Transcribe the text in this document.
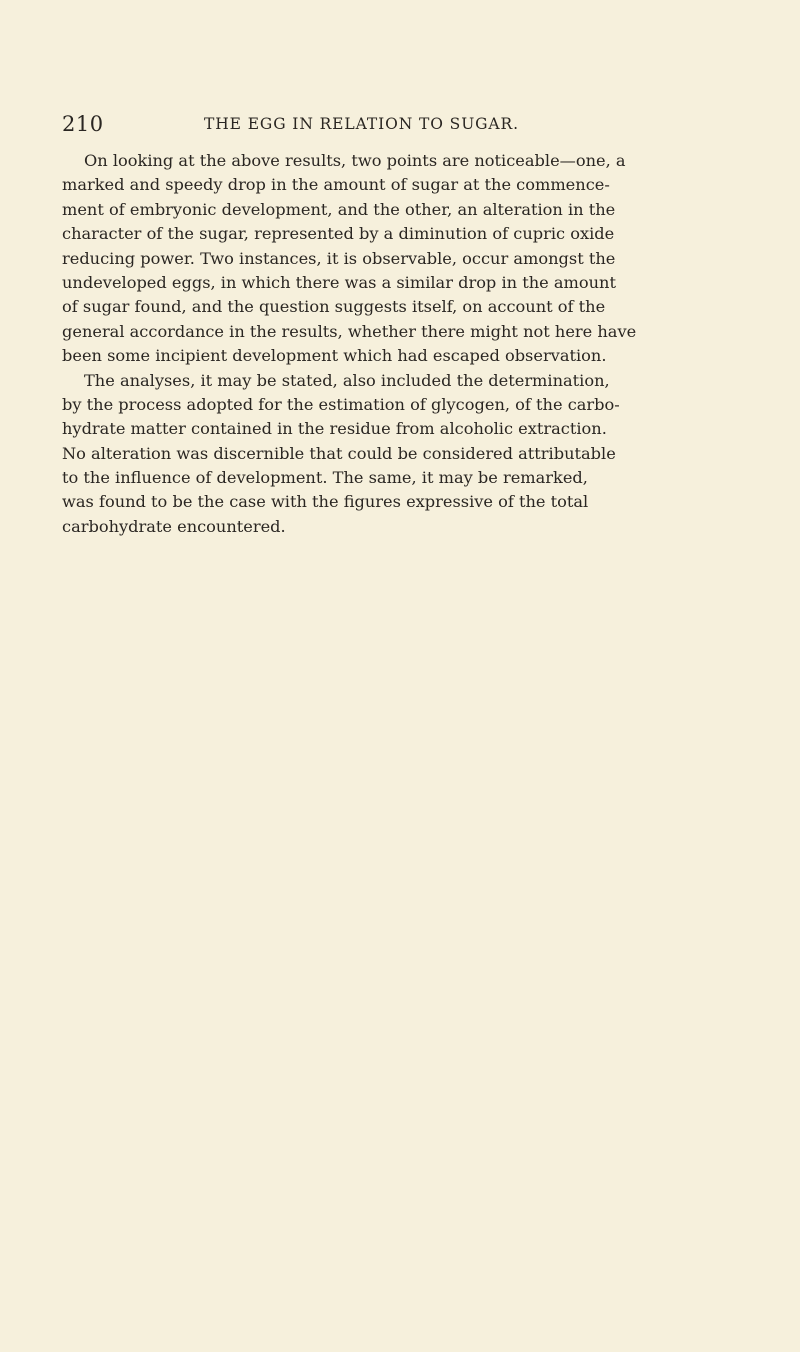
210	THE EGG IN RELATION TO SUGAR.
On looking at the above results, two points are noticeable—one, a
marked and speedy drop in the amount of sugar at the commence-
ment of embryonic development, and the other, an alteration in the
character of the sugar, represented by a diminution of cupric oxide
reducing power. Two instances, it is observable, occur amongst the
undeveloped eggs, in which there was a similar drop in the amount
of sugar found, and the question suggests itself, on account of the
general accordance in the results, whether there might not here have
been some incipient development which had escaped observation.
The analyses, it may be stated, also included the determination,
by the process adopted for the estimation of glycogen, of the carbo-
hydrate matter contained in the residue from alcoholic extraction.
No alteration was discernible that could be considered attributable
to the influence of development. The same, it may be remarked,
was found to be the case with the figures expressive of the total
carbohydrate encountered.
